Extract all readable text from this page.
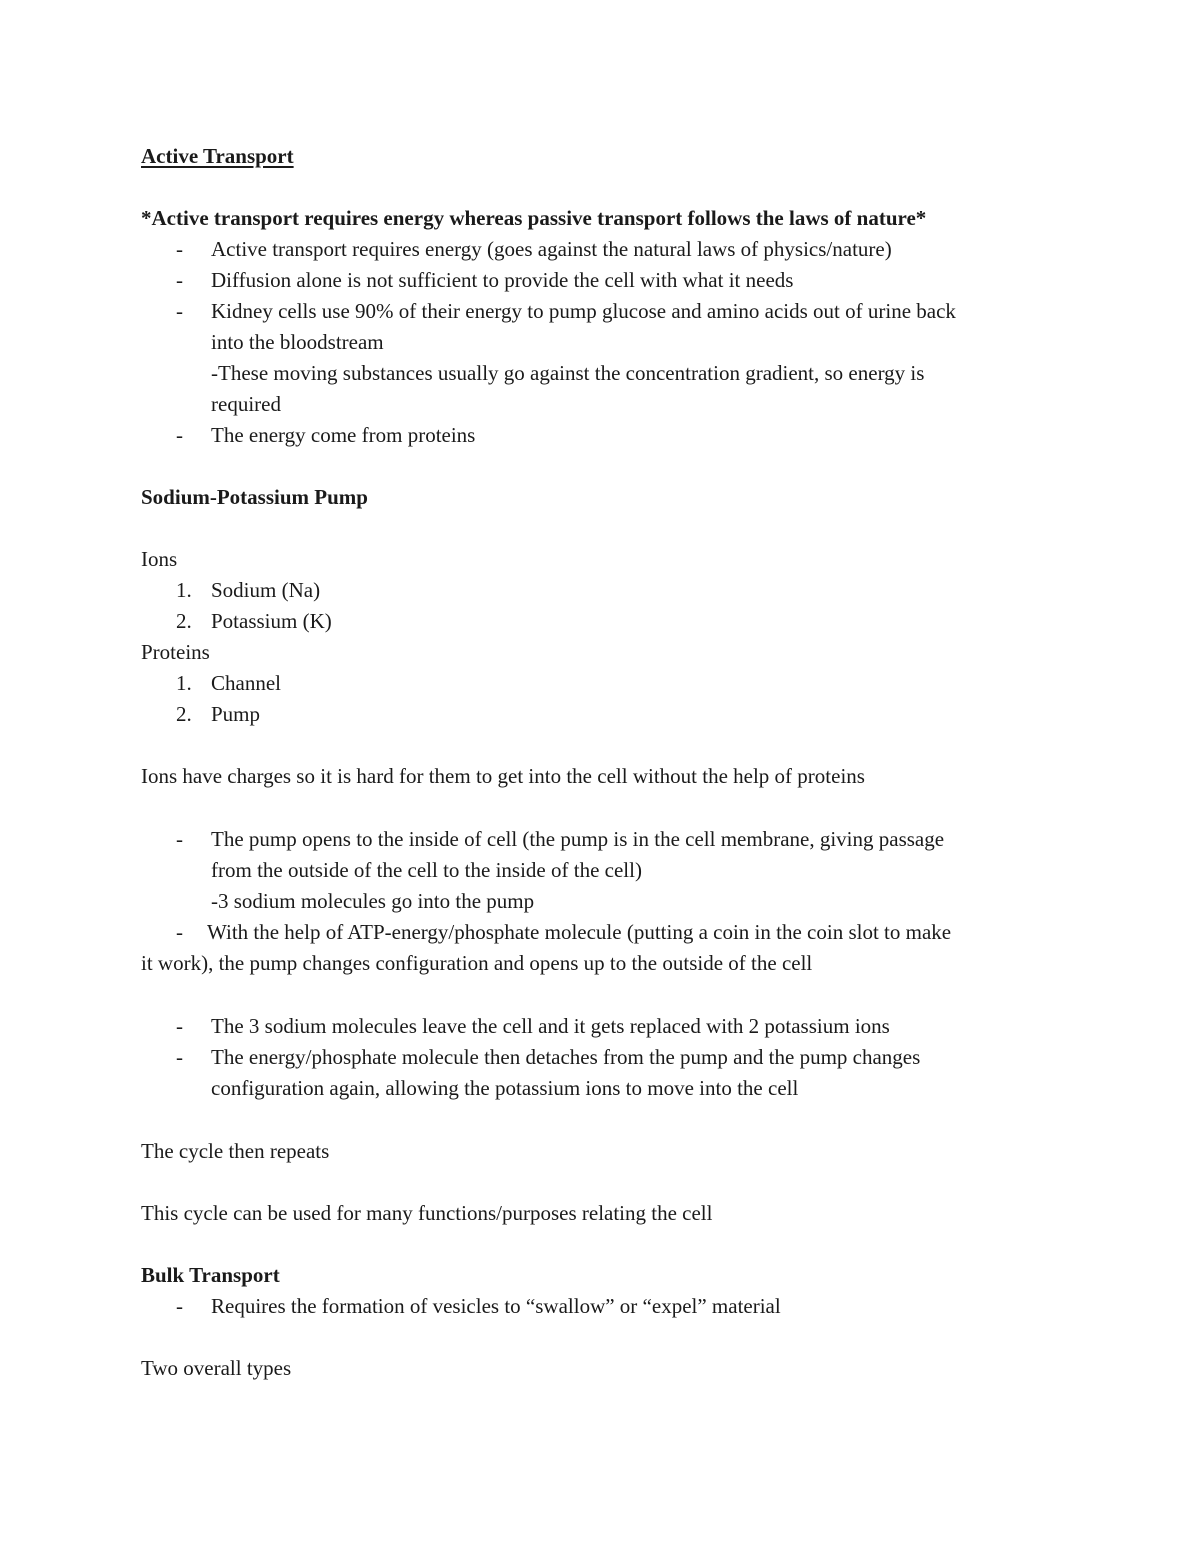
Active Transport
*Active transport requires energy whereas passive transport follows the laws of nature*
- Active transport requires energy (goes against the natural laws of physics/nature)
- Diffusion alone is not sufficient to provide the cell with what it needs
- Kidney cells use 90% of their energy to pump glucose and amino acids out of urine back
into the bloodstream
-These moving substances usually go against the concentration gradient, so energy is
required
- The energy come from proteins
Sodium-Potassium Pump
Ions
1. Sodium (Na)
2. Potassium (K)
Proteins
1. Channel
2. Pump
Ions have charges so it is hard for them to get into the cell without the help of proteins
- The pump opens to the inside of cell (the pump is in the cell membrane, giving passage
from the outside of the cell to the inside of the cell)
-3 sodium molecules go into the pump
- With the help of ATP-energy/phosphate molecule (putting a coin in the coin slot to make
it work), the pump changes configuration and opens up to the outside of the cell
- The 3 sodium molecules leave the cell and it gets replaced with 2 potassium ions
- The energy/phosphate molecule then detaches from the pump and the pump changes
configuration again, allowing the potassium ions to move into the cell
The cycle then repeats
This cycle can be used for many functions/purposes relating the cell
Bulk Transport
- Requires the formation of vesicles to “swallow” or “expel” material
Two overall types
